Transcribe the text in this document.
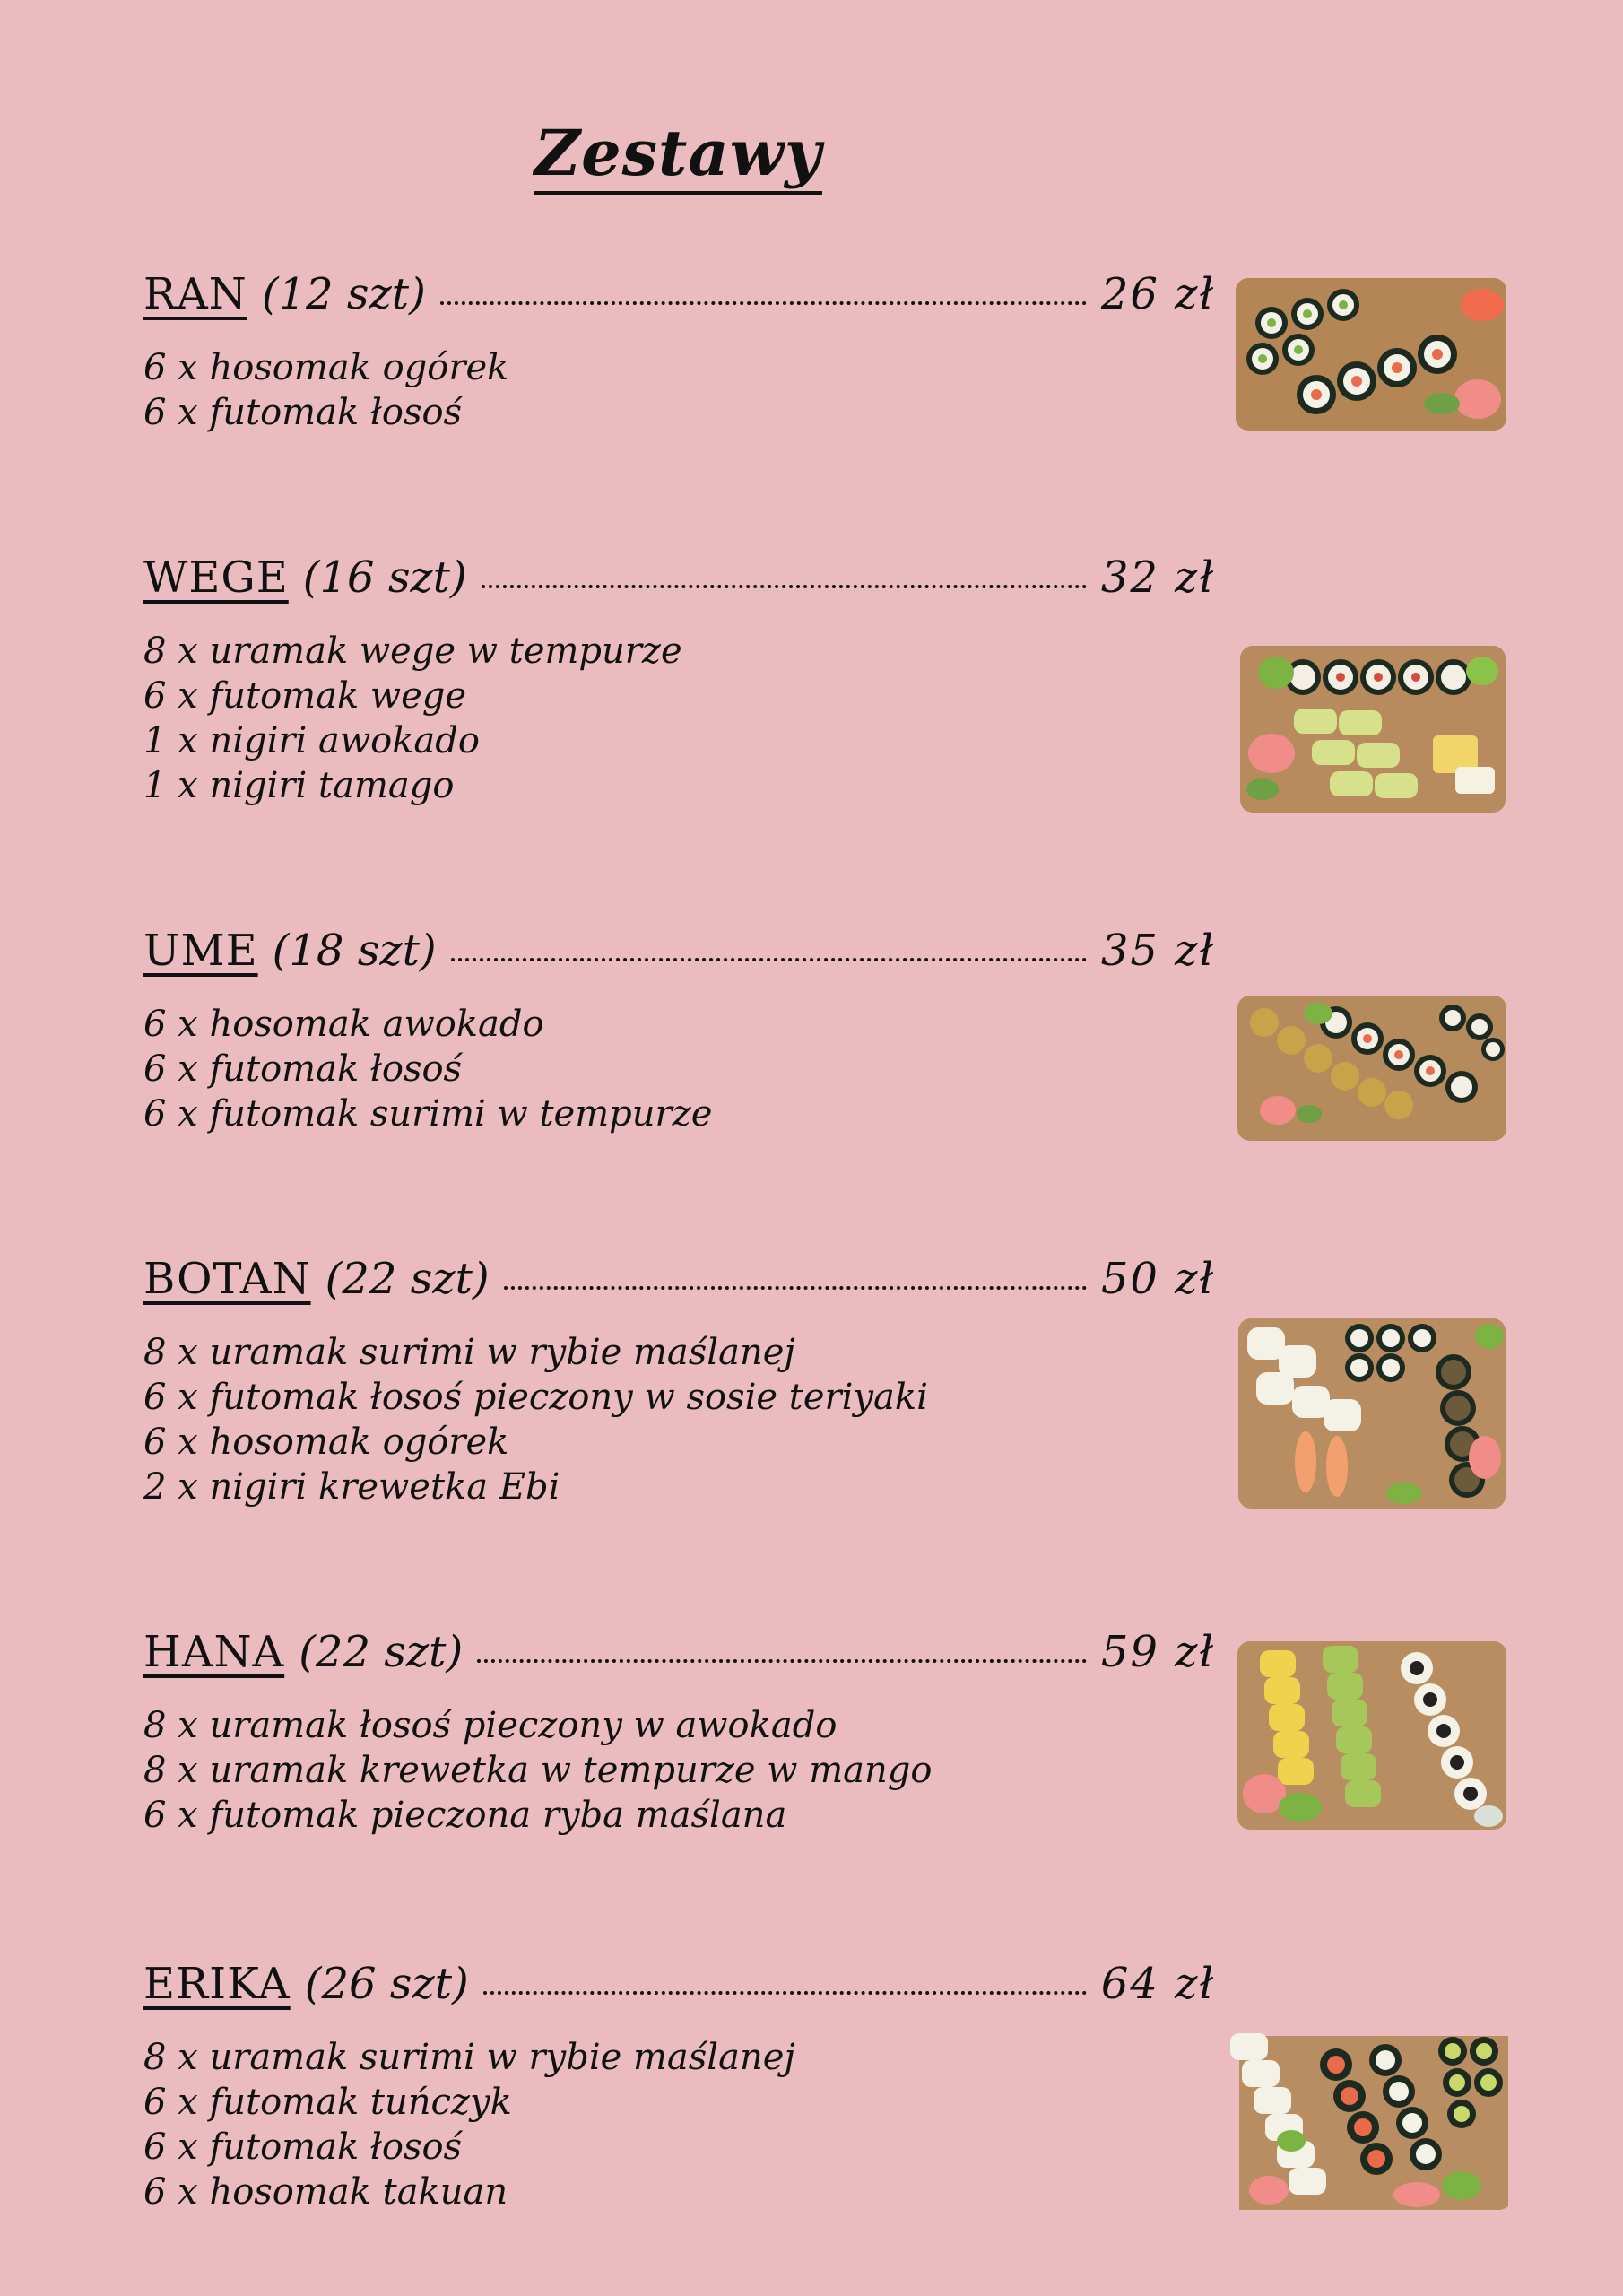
Zestawy
RAN (12 szt)	26 zł
6 x hosomak ogórek
6 x futomak łosoś
WEGE (16 szt)	32 zł
8 x uramak wege w tempurze
6 x futomak wege
1 x nigiri awokado
1 x nigiri tamago
UME (18 szt)	35 zł
6 x hosomak awokado
6 x futomak łosoś
6 x futomak surimi w tempurze
BOTAN (22 szt)	50 zł
8 x uramak surimi w rybie maślanej
6 x futomak łosoś pieczony w sosie teriyaki
6 x hosomak ogórek
2 x nigiri krewetka Ebi
HANA (22 szt)	59 zł
8 x uramak łosoś pieczony w awokado
8 x uramak krewetka w tempurze w mango
6 x futomak pieczona ryba maślana
ERIKA (26 szt)	64 zł
8 x uramak surimi w rybie maślanej
6 x futomak tuńczyk
6 x futomak łosoś
6 x hosomak takuan
